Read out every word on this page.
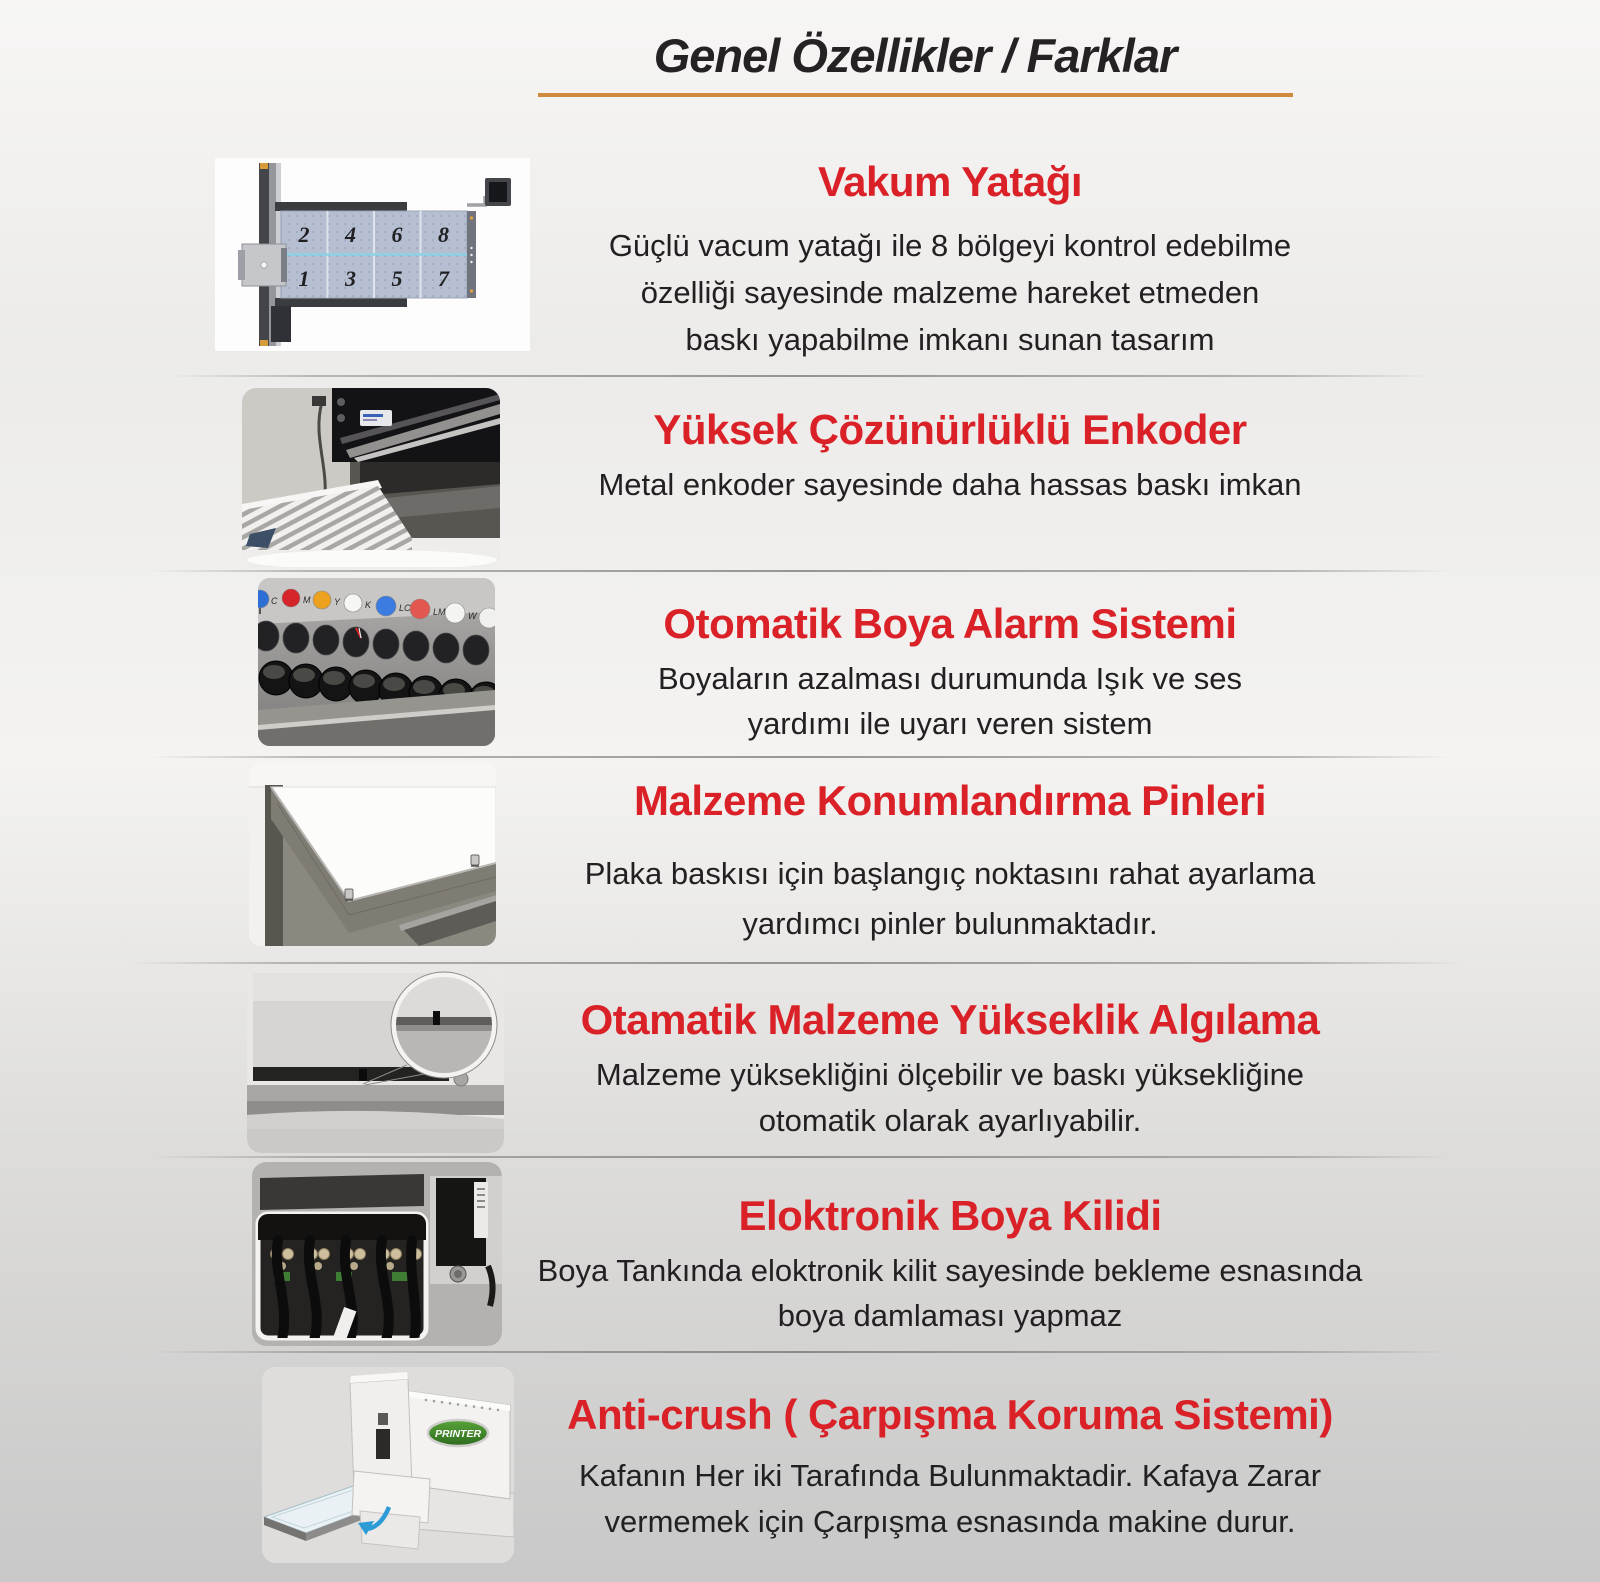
Genel Özellikler / Farklar
2 4 6 8
1 3 5 7
Vakum Yatağı

Güçlü vacum yatağı ile 8 bölgeyi kontrol edebilme

özelliği sayesinde malzeme hareket etmeden

baskı yapabilme imkanı sunan tasarım

Yüksek Çözünürlüklü Enkoder

Metal enkoder sayesinde daha hassas baskı imkan

C	M	Y	K	LC LM W	Otomatik Boya Alarm Sistemi

Boyaların azalması durumunda Işık ve ses

yardımı ile uyarı veren sistem

Malzeme Konumlandırma Pinleri

Plaka baskısı için başlangıç noktasını rahat ayarlama

yardımcı pinler bulunmaktadır.

Otamatik Malzeme Yükseklik Algılama

Malzeme yüksekliğini ölçebilir ve baskı yüksekliğine

otomatik olarak ayarlıyabilir.

Eloktronik Boya Kilidi

Boya Tankında eloktronik kilit sayesinde bekleme esnasında

boya damlaması yapmaz

PRINTER	Anti-crush ( Çarpışma Koruma Sistemi)

Kafanın Her iki Tarafında Bulunmaktadir. Kafaya Zarar

vermemek için Çarpışma esnasında makine durur.
